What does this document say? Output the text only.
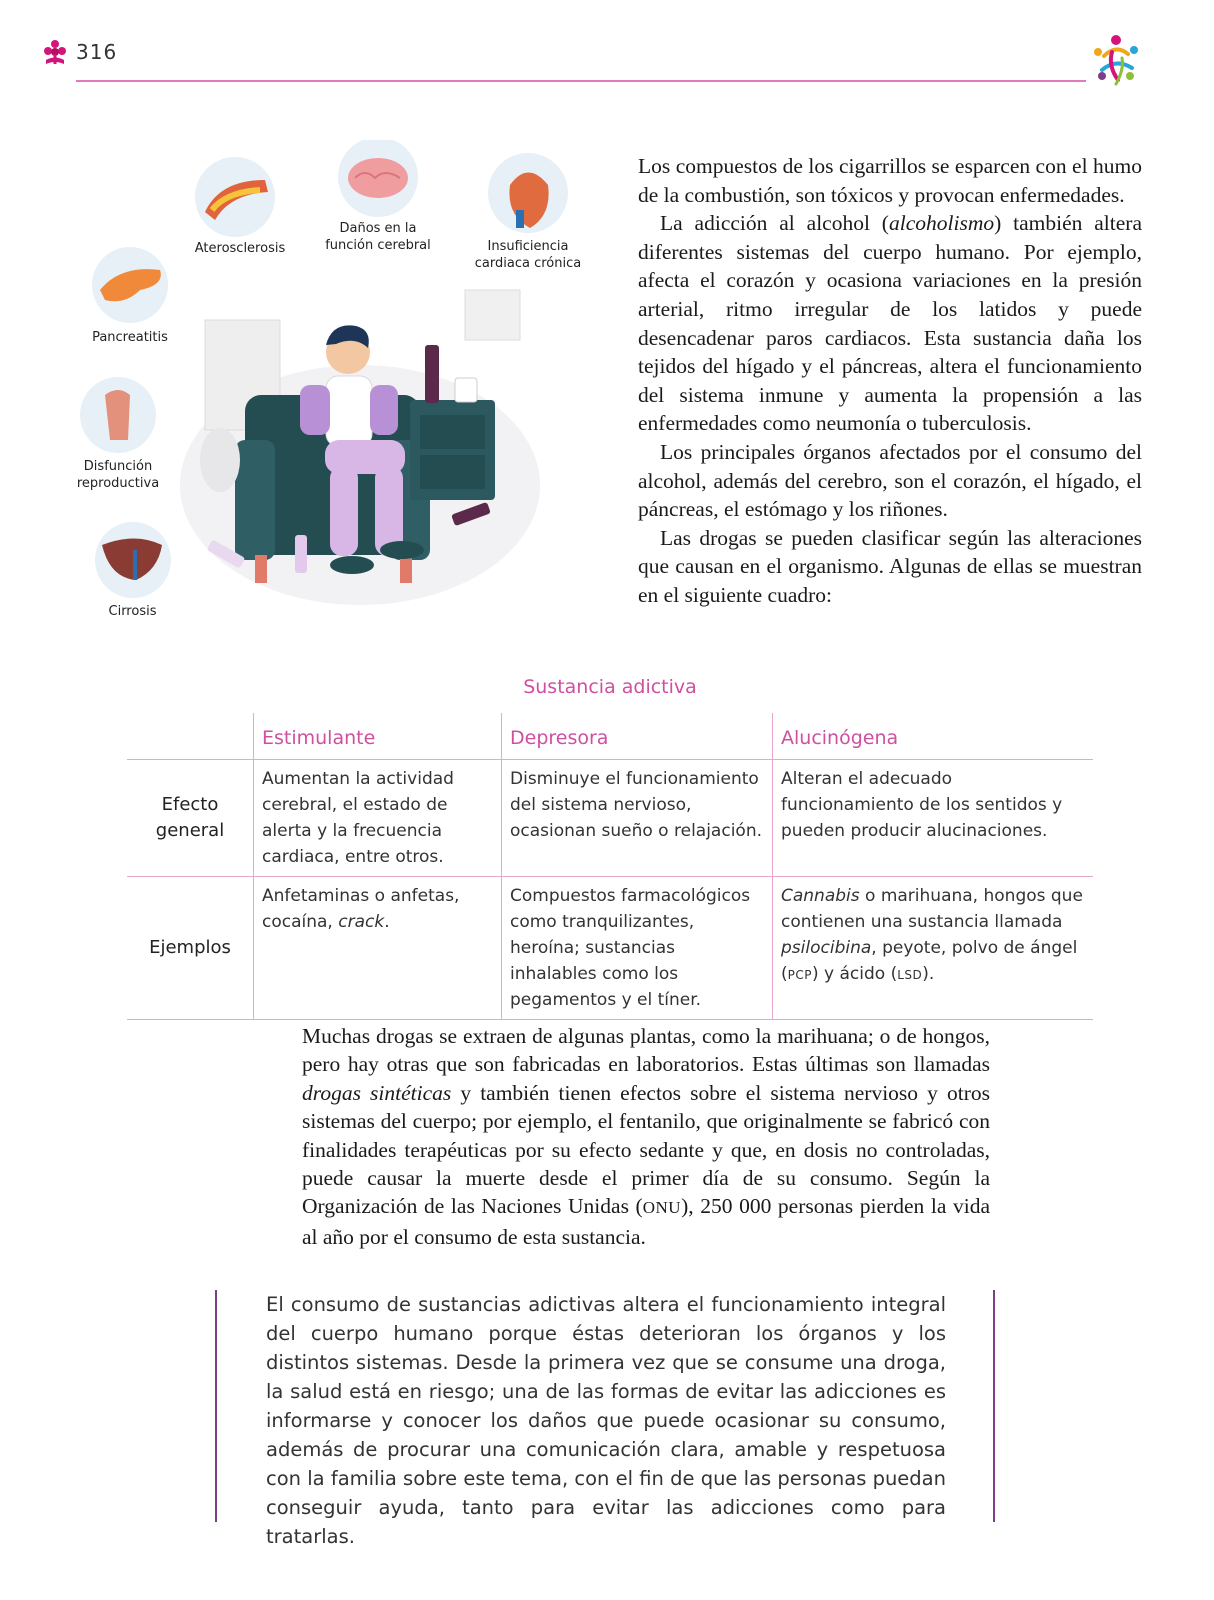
316
Aterosclerosis
Daños en la función cerebral	Insuficiencia cardiaca crónica
Pancreatitis
Disfunción reproductiva
Cirrosis

Los compuestos de los cigarrillos se esparcen con el humo de la combustión, son tóxicos y provocan enfermedades.

La adicción al alcohol (alcoholismo) también altera diferentes sistemas del cuerpo humano. Por ejemplo, afecta el corazón y ocasiona variaciones en la presión arterial, ritmo irregular de los latidos y puede desencadenar paros cardiacos. Esta sustancia daña los tejidos del hígado y el páncreas, altera el funcionamiento del sistema inmune y aumenta la propensión a las enfermedades como neumonía o tuberculosis.

Los principales órganos afectados por el consumo del alcohol, además del cerebro, son el corazón, el hígado, el páncreas, el estómago y los riñones.

Las drogas se pueden clasificar según las alteraciones que causan en el organismo. Algunas de ellas se muestran en el siguiente cuadro:

Sustancia adictiva
	Estimulante	Depresora	Alucinógena
Efecto general	Aumentan la actividad cerebral, el estado de alerta y la frecuencia cardiaca, entre otros.	Disminuye el funcionamiento del sistema nervioso, ocasionan sueño o relajación.	Alteran el adecuado funcionamiento de los sentidos y pueden producir alucinaciones.
Ejemplos	Anfetaminas o anfetas, cocaína, crack.	Compuestos farmacológicos como tranquilizantes, heroína; sustancias inhalables como los pegamentos y el tíner.	Cannabis o marihuana, hongos que contienen una sustancia llamada psilocibina, peyote, polvo de ángel (PCP) y ácido (LSD).

Muchas drogas se extraen de algunas plantas, como la marihuana; o de hongos, pero hay otras que son fabricadas en laboratorios. Estas últimas son llamadas drogas sintéticas y también tienen efectos sobre el sistema nervioso y otros sistemas del cuerpo; por ejemplo, el fentanilo, que originalmente se fabricó con finalidades terapéuticas por su efecto sedante y que, en dosis no controladas, puede causar la muerte desde el primer día de su consumo. Según la Organización de las Naciones Unidas (ONU), 250 000 personas pierden la vida al año por el consumo de esta sustancia.

El consumo de sustancias adictivas altera el funcionamiento integral del cuerpo humano porque éstas deterioran los órganos y los distintos sistemas. Desde la primera vez que se consume una droga, la salud está en riesgo; una de las formas de evitar las adicciones es informarse y conocer los daños que puede ocasionar su consumo, además de procurar una comunicación clara, amable y respetuosa con la familia sobre este tema, con el fin de que las personas puedan conseguir ayuda, tanto para evitar las adicciones como para tratarlas.
